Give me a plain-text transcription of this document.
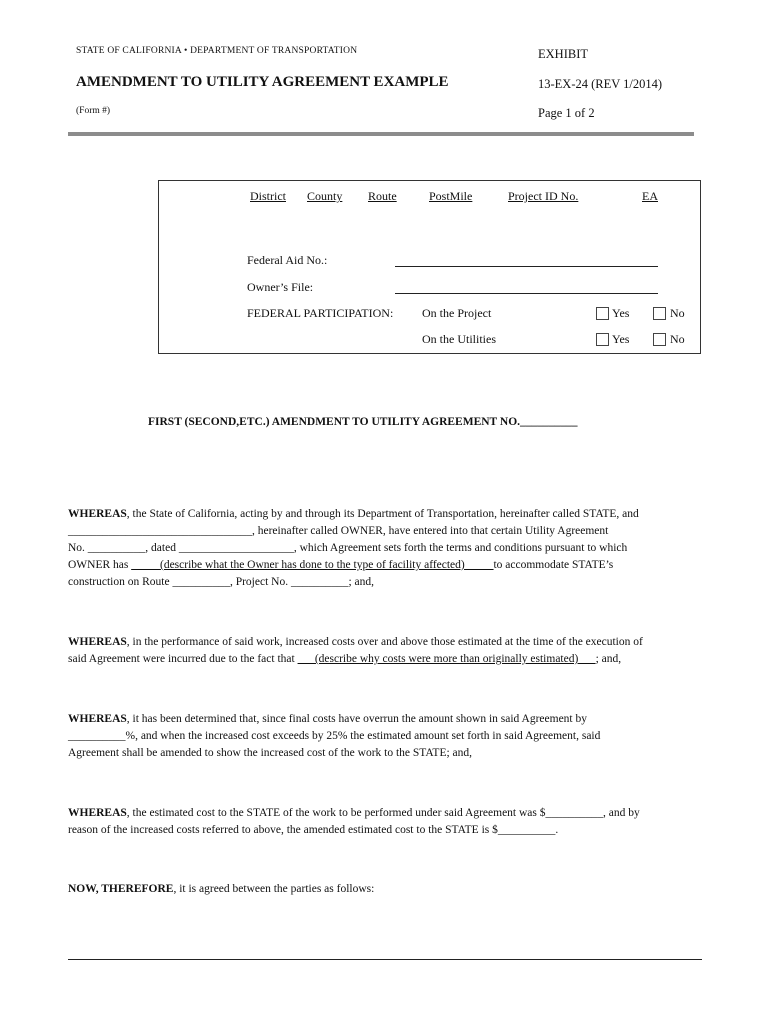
STATE OF CALIFORNIA • DEPARTMENT OF TRANSPORTATION
AMENDMENT TO UTILITY AGREEMENT EXAMPLE
(Form #)
EXHIBIT
13-EX-24 (REV 1/2014)
Page 1 of 2
District County Route	PostMile	Project ID No.	EA
Federal Aid No.:
Owner’s File:
FEDERAL PARTICIPATION: On the Project	Yes	No
On the Utilities	Yes	No
FIRST (SECOND,ETC.) AMENDMENT TO UTILITY AGREEMENT NO.__________
WHEREAS, the State of California, acting by and through its Department of Transportation, hereinafter called STATE, and
________________________________, hereinafter called OWNER, have entered into that certain Utility Agreement
No. __________, dated ____________________, which Agreement sets forth the terms and conditions pursuant to which
OWNER has _____(describe what the Owner has done to the type of facility affected)_____to accommodate STATE’s
construction on Route __________, Project No. __________; and,
WHEREAS, in the performance of said work, increased costs over and above those estimated at the time of the execution of
said Agreement were incurred due to the fact that ___(describe why costs were more than originally estimated)___; and,
WHEREAS, it has been determined that, since final costs have overrun the amount shown in said Agreement by
__________%, and when the increased cost exceeds by 25% the estimated amount set forth in said Agreement, said
Agreement shall be amended to show the increased cost of the work to the STATE; and,
WHEREAS, the estimated cost to the STATE of the work to be performed under said Agreement was $__________, and by
reason of the increased costs referred to above, the amended estimated cost to the STATE is $__________.
NOW, THEREFORE, it is agreed between the parties as follows:
